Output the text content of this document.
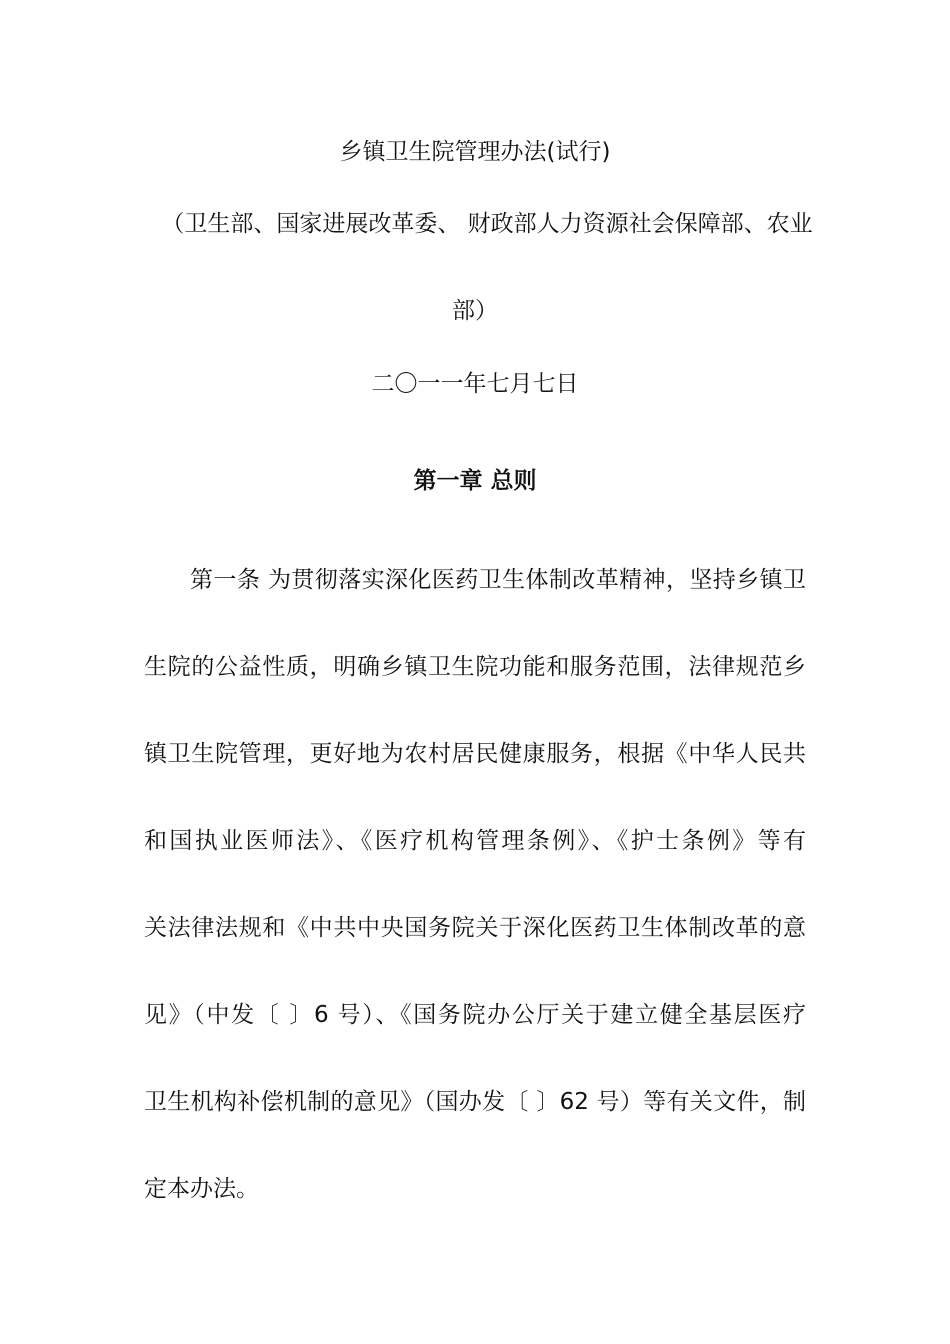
乡镇卫生院管理办法(试行)
（卫生部、国家进展改革委、 财政部人力资源社会保障部、农业
部）
二〇一一年七月七日
第一章 总则
第一条 为贯彻落实深化医药卫生体制改革精神，坚持乡镇卫
生院的公益性质，明确乡镇卫生院功能和服务范围，法律规范乡
镇卫生院管理，更好地为农村居民健康服务，根据《中华人民共
和国执业医师法》、《医疗机构管理条例》、《护士条例》等有
关法律法规和《中共中央国务院关于深化医药卫生体制改革的意
见》（中发〔 〕6 号）、《国务院办公厅关于建立健全基层医疗
卫生机构补偿机制的意见》（国办发〔 〕62 号）等有关文件，制
定本办法。
